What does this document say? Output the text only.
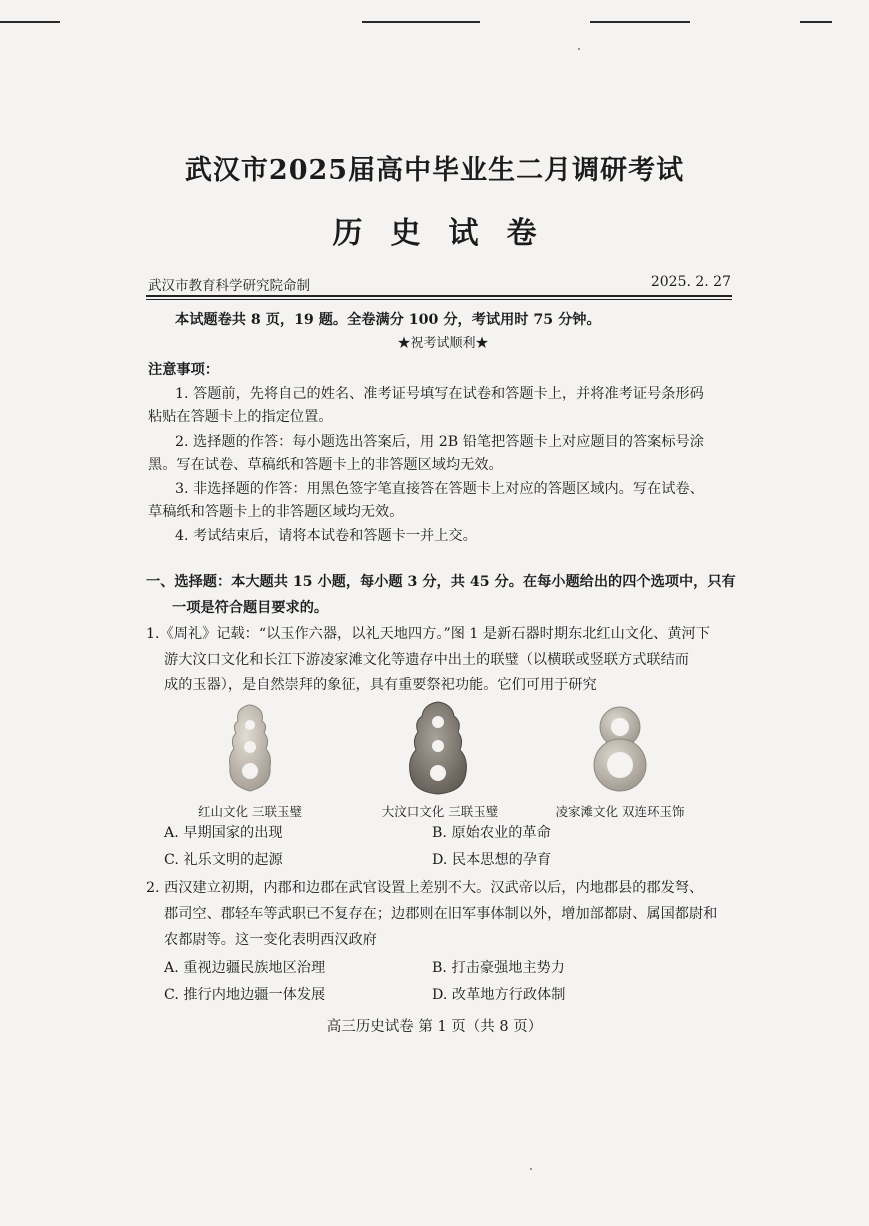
武汉市2025届高中毕业生二月调研考试
历史试卷
武汉市教育科学研究院命制	2025. 2. 27
本试题卷共 8 页，19 题。全卷满分 100 分，考试用时 75 分钟。
★祝考试顺利★
注意事项：
1. 答题前，先将自己的姓名、准考证号填写在试卷和答题卡上，并将准考证号条形码
粘贴在答题卡上的指定位置。
2. 选择题的作答：每小题选出答案后，用 2B 铅笔把答题卡上对应题目的答案标号涂
黑。写在试卷、草稿纸和答题卡上的非答题区域均无效。
3. 非选择题的作答：用黑色签字笔直接答在答题卡上对应的答题区域内。写在试卷、
草稿纸和答题卡上的非答题区域均无效。
4. 考试结束后，请将本试卷和答题卡一并上交。
一、选择题：本大题共 15 小题，每小题 3 分，共 45 分。在每小题给出的四个选项中，只有
一项是符合题目要求的。
1.《周礼》记载：“以玉作六器，以礼天地四方。”图 1 是新石器时期东北红山文化、黄河下
游大汶口文化和长江下游凌家滩文化等遗存中出土的联璧（以横联或竖联方式联结而
成的玉器），是自然崇拜的象征，具有重要祭祀功能。它们可用于研究
红山文化 三联玉璧	大汶口文化 三联玉璧	凌家滩文化 双连环玉饰
A. 早期国家的出现	B. 原始农业的革命
C. 礼乐文明的起源	D. 民本思想的孕育
2. 西汉建立初期，内郡和边郡在武官设置上差别不大。汉武帝以后，内地郡县的郡发弩、
郡司空、郡轻车等武职已不复存在；边郡则在旧军事体制以外，增加部都尉、属国都尉和
农都尉等。这一变化表明西汉政府
A. 重视边疆民族地区治理	B. 打击豪强地主势力
C. 推行内地边疆一体发展	D. 改革地方行政体制
高三历史试卷 第 1 页（共 8 页）
